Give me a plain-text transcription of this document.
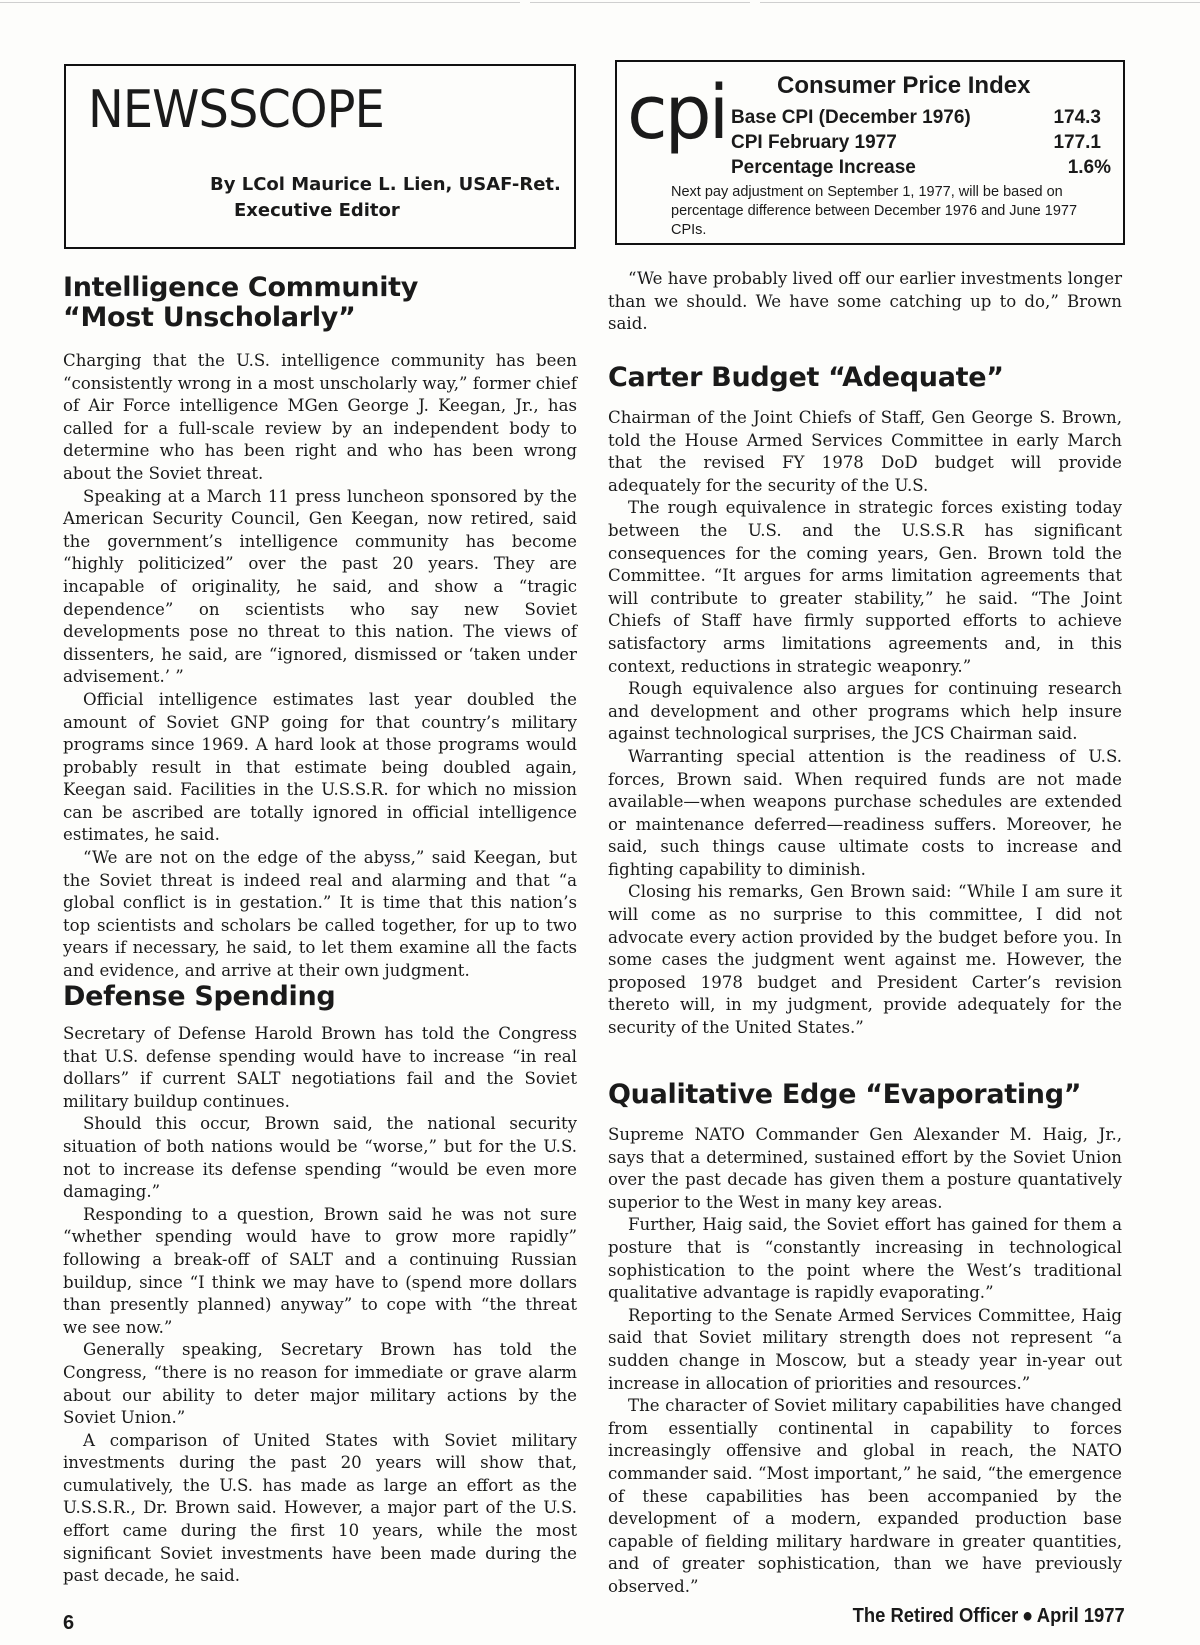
NEWSSCOPE
By LCol Maurice L. Lien, USAF-Ret.
Executive Editor
cpi Consumer Price Index
Base CPI (December 1976)	174.3
CPI February 1977	177.1
Percentage Increase	1.6%
Next pay adjustment on September 1, 1977, will be based on percentage difference between December 1976 and June 1977 CPIs.
Intelligence Community
“Most Unscholarly”

Charging that the U.S. intelligence community has been “consistently wrong in a most unscholarly way,” former chief of Air Force intelligence MGen George J. Keegan, Jr., has called for a full-scale review by an independent body to determine who has been right and who has been wrong about the Soviet threat.

Speaking at a March 11 press luncheon sponsored by the American Security Council, Gen Keegan, now retired, said the government’s intelligence community has become “highly politicized” over the past 20 years. They are incapable of originality, he said, and show a “tragic dependence” on scientists who say new Soviet developments pose no threat to this nation. The views of dissenters, he said, are “ignored, dismissed or ‘taken under advisement.’ ”

Official intelligence estimates last year doubled the amount of Soviet GNP going for that country’s military programs since 1969. A hard look at those programs would probably result in that estimate being doubled again, Keegan said. Facilities in the U.S.S.R. for which no mission can be ascribed are totally ignored in official intelligence estimates, he said.

“We are not on the edge of the abyss,” said Keegan, but the Soviet threat is indeed real and alarming and that “a global conflict is in gestation.” It is time that this nation’s top scientists and scholars be called together, for up to two years if necessary, he said, to let them examine all the facts and evidence, and arrive at their own judgment.

Defense Spending

Secretary of Defense Harold Brown has told the Congress that U.S. defense spending would have to increase “in real dollars” if current SALT negotiations fail and the Soviet military buildup continues.

Should this occur, Brown said, the national security situation of both nations would be “worse,” but for the U.S. not to increase its defense spending “would be even more damaging.”

Responding to a question, Brown said he was not sure “whether spending would have to grow more rapidly” following a break-off of SALT and a continuing Russian buildup, since “I think we may have to (spend more dollars than presently planned) anyway” to cope with “the threat we see now.”

Generally speaking, Secretary Brown has told the Congress, “there is no reason for immediate or grave alarm about our ability to deter major military actions by the Soviet Union.”

A comparison of United States with Soviet military investments during the past 20 years will show that, cumulatively, the U.S. has made as large an effort as the U.S.S.R., Dr. Brown said. However, a major part of the U.S. effort came during the first 10 years, while the most significant Soviet investments have been made during the past decade, he said.

“We have probably lived off our earlier investments longer than we should. We have some catching up to do,” Brown said.

Carter Budget “Adequate”

Chairman of the Joint Chiefs of Staff, Gen George S. Brown, told the House Armed Services Committee in early March that the revised FY 1978 DoD budget will provide adequately for the security of the U.S.

The rough equivalence in strategic forces existing today between the U.S. and the U.S.S.R has significant consequences for the coming years, Gen. Brown told the Committee. “It argues for arms limitation agreements that will contribute to greater stability,” he said. “The Joint Chiefs of Staff have firmly supported efforts to achieve satisfactory arms limitations agreements and, in this context, reductions in strategic weaponry.”

Rough equivalence also argues for continuing research and development and other programs which help insure against technological surprises, the JCS Chairman said.

Warranting special attention is the readiness of U.S. forces, Brown said. When required funds are not made available—when weapons purchase schedules are extended or maintenance deferred—readiness suffers. Moreover, he said, such things cause ultimate costs to increase and fighting capability to diminish.

Closing his remarks, Gen Brown said: “While I am sure it will come as no surprise to this committee, I did not advocate every action provided by the budget before you. In some cases the judgment went against me. However, the proposed 1978 budget and President Carter’s revision thereto will, in my judgment, provide adequately for the security of the United States.”

Qualitative Edge “Evaporating”

Supreme NATO Commander Gen Alexander M. Haig, Jr., says that a determined, sustained effort by the Soviet Union over the past decade has given them a posture quantatively superior to the West in many key areas.

Further, Haig said, the Soviet effort has gained for them a posture that is “constantly increasing in technological sophistication to the point where the West’s traditional qualitative advantage is rapidly evaporating.”

Reporting to the Senate Armed Services Committee, Haig said that Soviet military strength does not represent “a sudden change in Moscow, but a steady year in-year out increase in allocation of priorities and resources.”

The character of Soviet military capabilities have changed from essentially continental in capability to forces increasingly offensive and global in reach, the NATO commander said. “Most important,” he said, “the emergence of these capabilities has been accompanied by the development of a modern, expanded production base capable of fielding military hardware in greater quantities, and of greater sophistication, than we have previously observed.”

6	The Retired Officer ● April 1977
